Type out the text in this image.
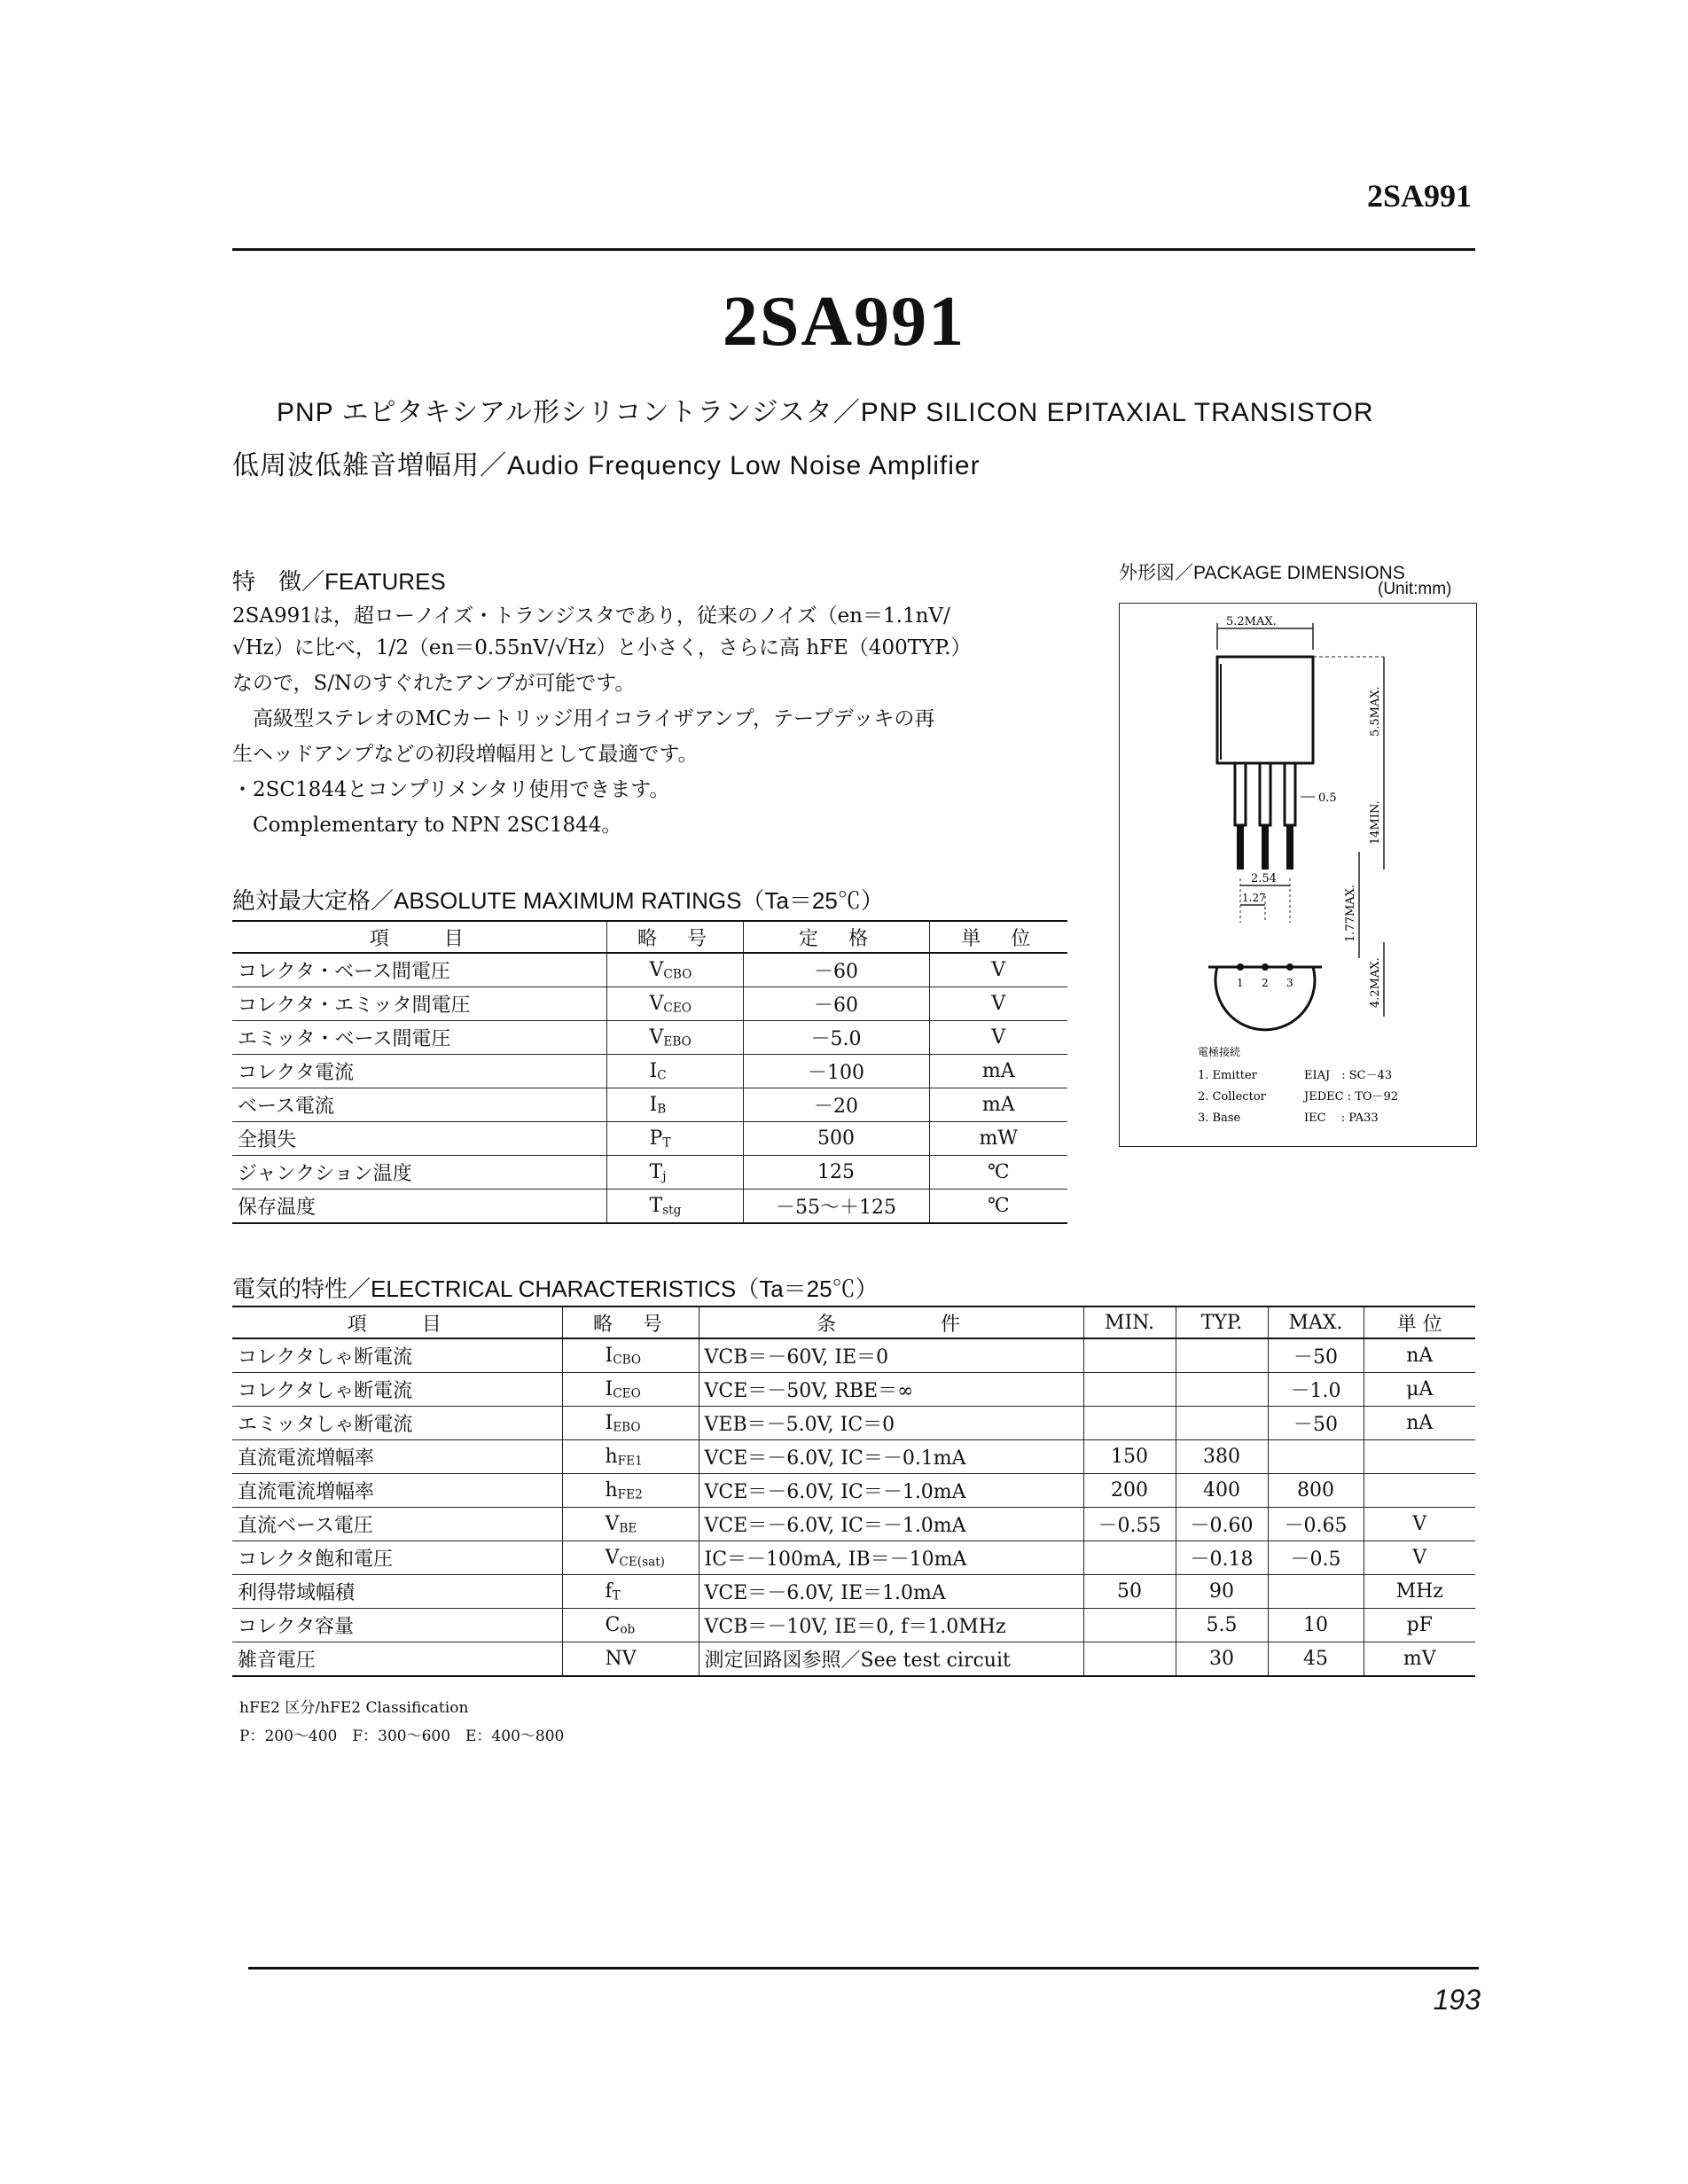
2SA991
2SA991
PNP エピタキシアル形シリコントランジスタ／PNP SILICON EPITAXIAL TRANSISTOR
低周波低雑音増幅用／Audio Frequency Low Noise Amplifier
特　徴／FEATURES
2SA991は，超ローノイズ・トランジスタであり，従来のノイズ（en＝1.1nV/
√Hz）に比べ，1/2（en＝0.55nV/√Hz）と小さく，さらに高 hFE（400TYP.）
なので，S/Nのすぐれたアンプが可能です。
　高級型ステレオのMCカートリッジ用イコライザアンプ，テープデッキの再
生ヘッドアンプなどの初段増幅用として最適です。
・2SC1844とコンプリメンタリ使用できます。
　Complementary to NPN 2SC1844。
絶対最大定格／ABSOLUTE MAXIMUM RATINGS（Ta＝25℃）
項　　目	略　号	定　格	単　位
コレクタ・ベース間電圧	$V_{CBO}$	－60	V
コレクタ・エミッタ間電圧	$V_{CEO}$	－60	V
エミッタ・ベース間電圧	$V_{EBO}$	－5.0	V
コレクタ電流	$I_C$	－100	mA
ベース電流	$I_B$	－20	mA
全損失	$P_T$	500	mW
ジャンクション温度	$T_j$	125	℃
保存温度	$T_{stg}$	－55～＋125	℃
電気的特性／ELECTRICAL CHARACTERISTICS（Ta＝25℃）
項　　目	略　号	条　　　　件	MIN.	TYP.	MAX.	単 位
コレクタしゃ断電流	$I_{CBO}$	VCB＝－60V, IE＝0			－50	nA
コレクタしゃ断電流	$I_{CEO}$	VCE＝－50V, RBE＝∞			－1.0	μA
エミッタしゃ断電流	$I_{EBO}$	VEB＝－5.0V, IC＝0			－50	nA
直流電流増幅率	$h_{FE1}$	VCE＝－6.0V, IC＝－0.1mA	150	380		
直流電流増幅率	$h_{FE2}$	VCE＝－6.0V, IC＝－1.0mA	200	400	800	
直流ベース電圧	$V_{BE}$	VCE＝－6.0V, IC＝－1.0mA	－0.55	－0.60	－0.65	V
コレクタ飽和電圧	$V_{CE(sat)}$	IC＝－100mA, IB＝－10mA		－0.18	－0.5	V
利得帯域幅積	$f_T$	VCE＝－6.0V, IE＝1.0mA	50	90		MHz
コレクタ容量	$C_{ob}$	VCB＝－10V, IE＝0, f＝1.0MHz		5.5	10	pF
雑音電圧	NV	測定回路図参照／See test circuit		30	45	mV
hFE2 区分/hFE2 Classification
P：200～400　F：300～600　E：400～800
外形図／PACKAGE DIMENSIONS
(Unit:mm)
5.2MAX.
0.5
5.5MAX.
14MIN.
1.77MAX.
2.54
1.27
1 2 3	4.2MAX.
電極接続
1. Emitter
2. Collector
3. Base
EIAJ　: SC－43
JEDEC : TO－92
IEC　 : PA33
193
